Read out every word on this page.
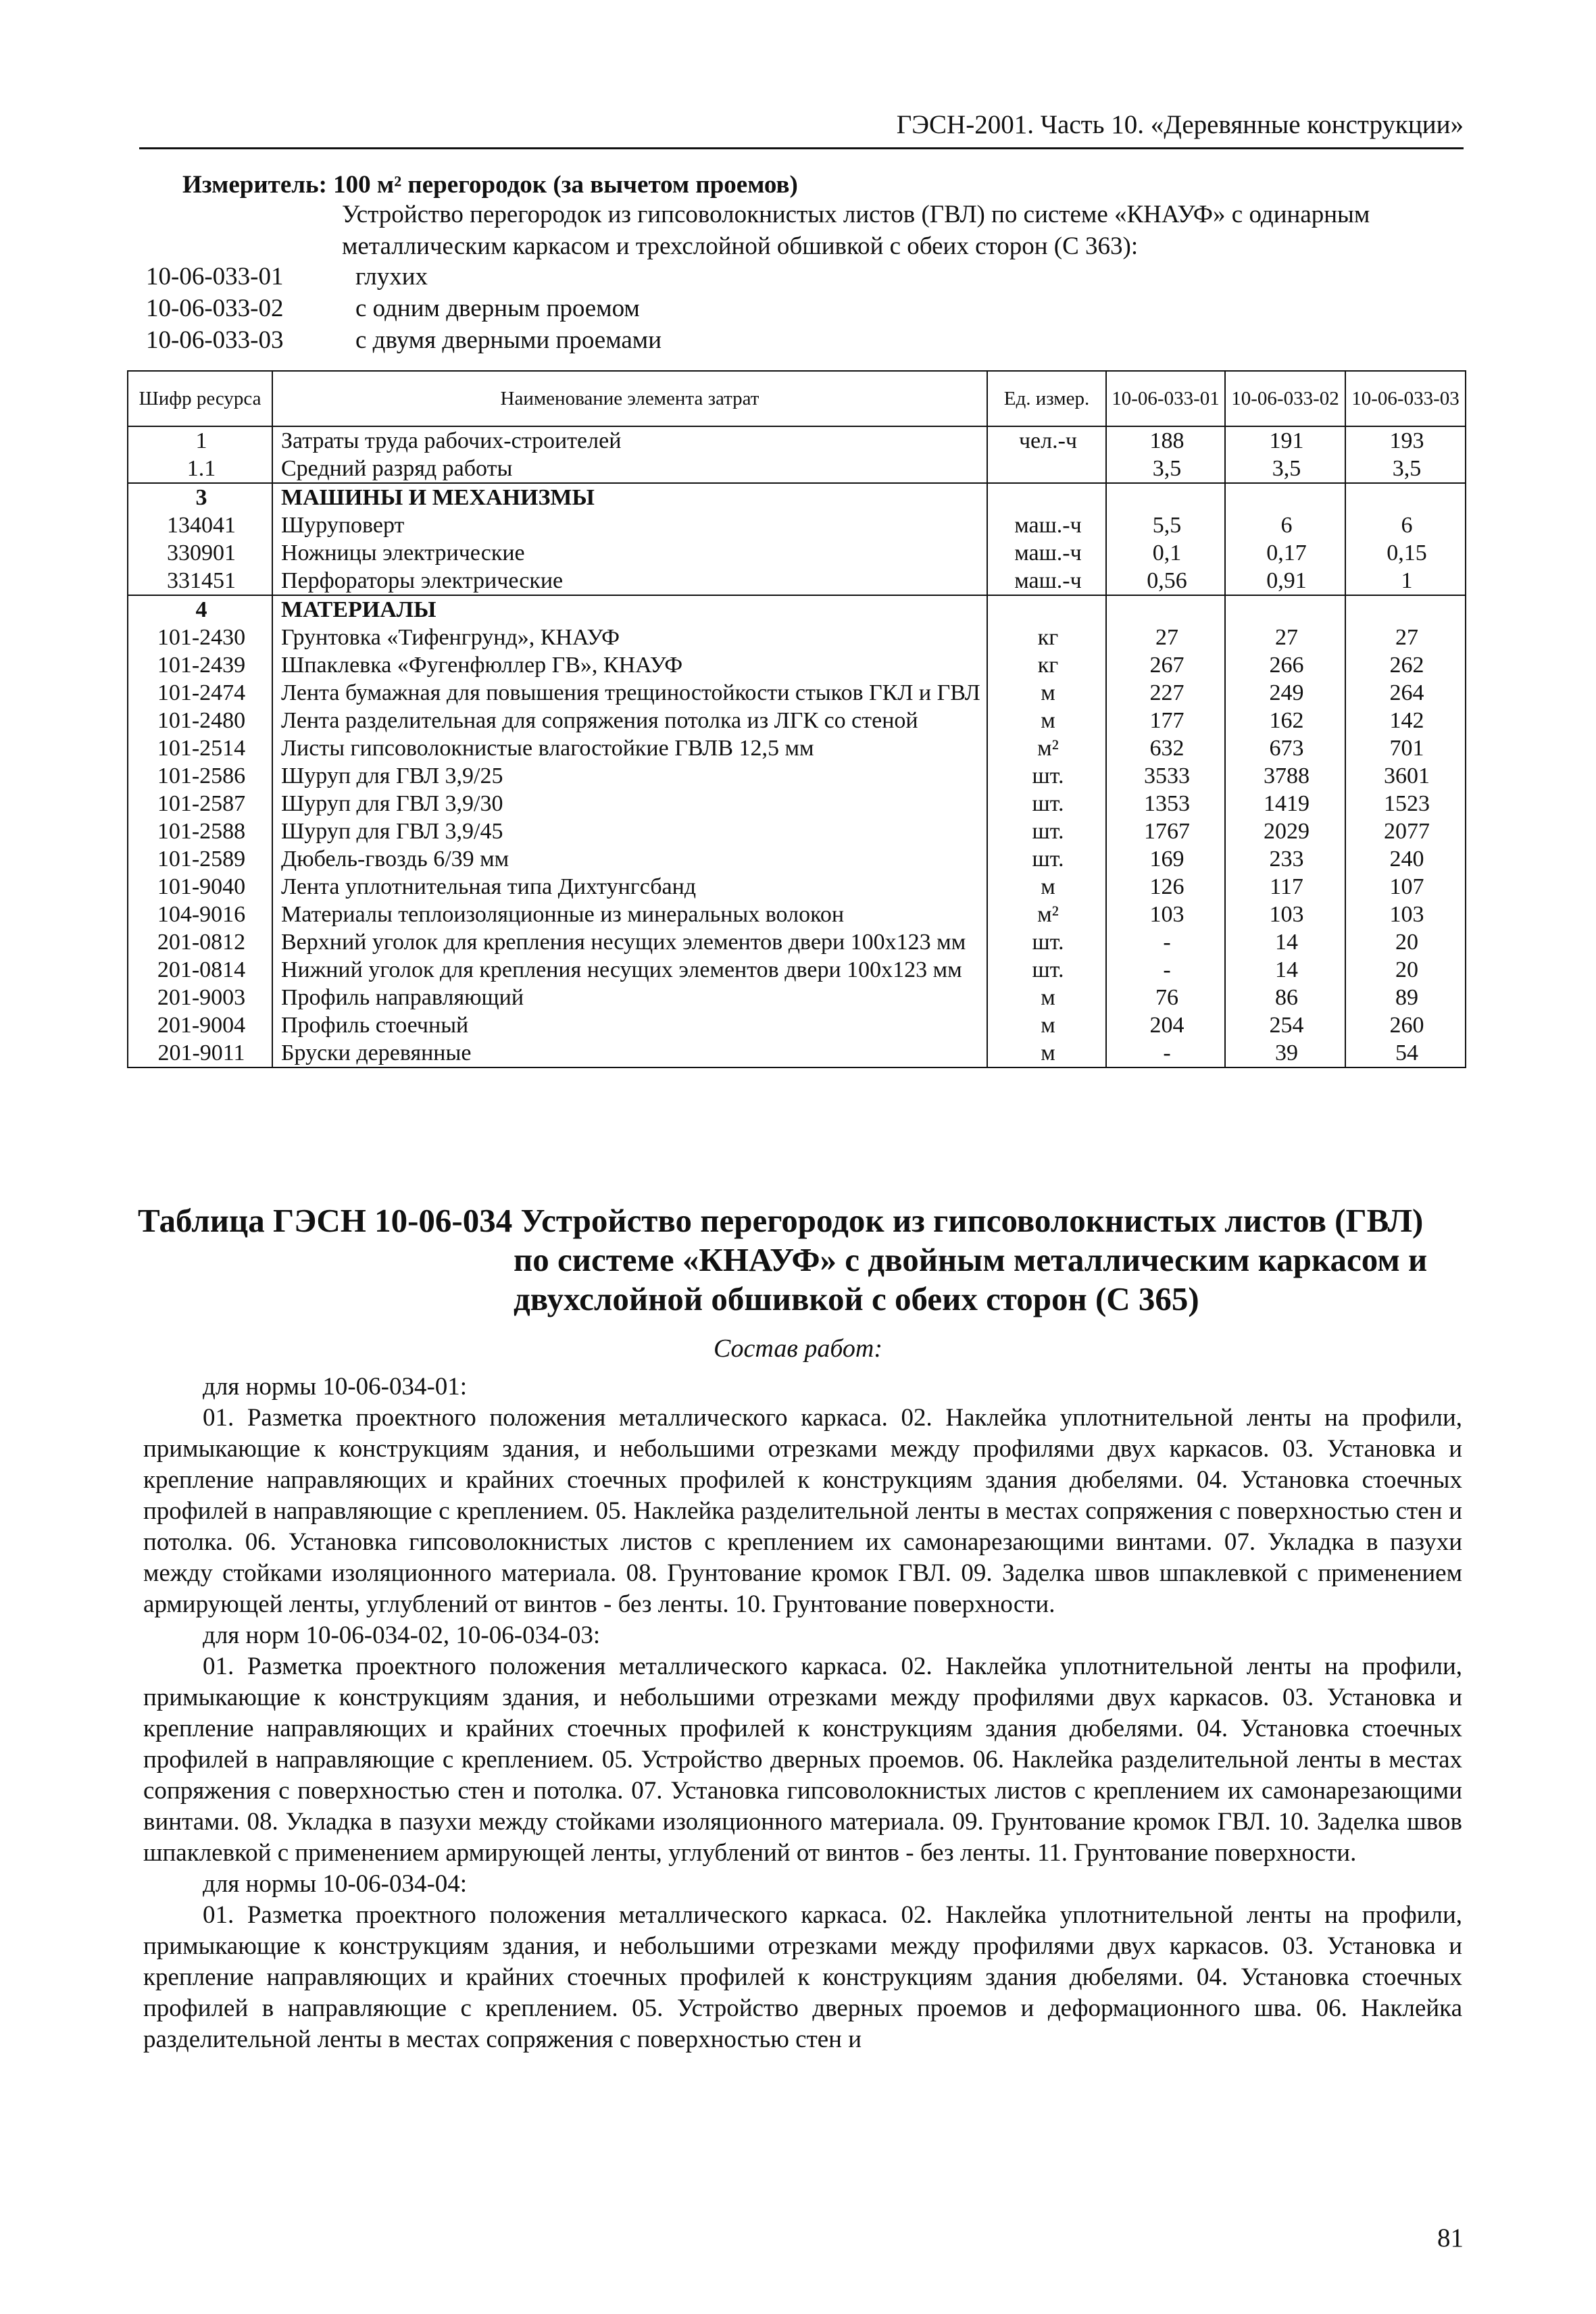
ГЭСН-2001. Часть 10. «Деревянные конструкции»
Измеритель: 100 м² перегородок (за вычетом проемов)
Устройство перегородок из гипсоволокнистых листов (ГВЛ) по системе «КНАУФ» с одинарным металлическим каркасом и трехслойной обшивкой с обеих сторон (С 363):
10-06-033-01	глухих
10-06-033-02	с одним дверным проемом
10-06-033-03	с двумя дверными проемами
Шифр ресурса	Наименование элемента затрат	Ед. измер.	10-06-033-01	10-06-033-02	10-06-033-03
1	Затраты труда рабочих-строителей	чел.-ч	188	191	193
1.1	Средний разряд работы		3,5	3,5	3,5
3	МАШИНЫ И МЕХАНИЗМЫ				
134041	Шуруповерт	маш.-ч	5,5	6	6
330901	Ножницы электрические	маш.-ч	0,1	0,17	0,15
331451	Перфораторы электрические	маш.-ч	0,56	0,91	1
4	МАТЕРИАЛЫ				
101-2430	Грунтовка «Тифенгрунд», КНАУФ	кг	27	27	27
101-2439	Шпаклевка «Фугенфюллер ГВ», КНАУФ	кг	267	266	262
101-2474	Лента бумажная для повышения трещиностойкости стыков ГКЛ и ГВЛ	м	227	249	264
101-2480	Лента разделительная для сопряжения потолка из ЛГК со стеной	м	177	162	142
101-2514	Листы гипсоволокнистые влагостойкие ГВЛВ 12,5 мм	м²	632	673	701
101-2586	Шуруп для ГВЛ 3,9/25	шт.	3533	3788	3601
101-2587	Шуруп для ГВЛ 3,9/30	шт.	1353	1419	1523
101-2588	Шуруп для ГВЛ 3,9/45	шт.	1767	2029	2077
101-2589	Дюбель-гвоздь 6/39 мм	шт.	169	233	240
101-9040	Лента уплотнительная типа Дихтунгсбанд	м	126	117	107
104-9016	Материалы теплоизоляционные из минеральных волокон	м²	103	103	103
201-0812	Верхний уголок для крепления несущих элементов двери 100x123 мм	шт.	-	14	20
201-0814	Нижний уголок для крепления несущих элементов двери 100x123 мм	шт.	-	14	20
201-9003	Профиль направляющий	м	76	86	89
201-9004	Профиль стоечный	м	204	254	260
201-9011	Бруски деревянные	м	-	39	54
Таблица ГЭСН 10-06-034 Устройство перегородок из гипсоволокнистых листов (ГВЛ)
по системе «КНАУФ» с двойным металлическим каркасом и
двухслойной обшивкой с обеих сторон (С 365)
Состав работ:

для нормы 10-06-034-01:

01. Разметка проектного положения металлического каркаса. 02. Наклейка уплотнительной ленты на профили, примыкающие к конструкциям здания, и небольшими отрезками между профилями двух каркасов. 03. Установка и крепление направляющих и крайних стоечных профилей к конструкциям здания дюбелями. 04. Установка стоечных профилей в направляющие с креплением. 05. Наклейка разделительной ленты в местах сопряжения с поверхностью стен и потолка. 06. Установка гипсоволокнистых листов с креплением их самонарезающими винтами. 07. Укладка в пазухи между стойками изоляционного материала. 08. Грунтование кромок ГВЛ. 09. Заделка швов шпаклевкой с применением армирующей ленты, углублений от винтов - без ленты. 10. Грунтование поверхности.

для норм 10-06-034-02, 10-06-034-03:

01. Разметка проектного положения металлического каркаса. 02. Наклейка уплотнительной ленты на профили, примыкающие к конструкциям здания, и небольшими отрезками между профилями двух каркасов. 03. Установка и крепление направляющих и крайних стоечных профилей к конструкциям здания дюбелями. 04. Установка стоечных профилей в направляющие с креплением. 05. Устройство дверных проемов. 06. Наклейка разделительной ленты в местах сопряжения с поверхностью стен и потолка. 07. Установка гипсоволокнистых листов с креплением их самонарезающими винтами. 08. Укладка в пазухи между стойками изоляционного материала. 09. Грунтование кромок ГВЛ. 10. Заделка швов шпаклевкой с применением армирующей ленты, углублений от винтов - без ленты. 11. Грунтование поверхности.

для нормы 10-06-034-04:

01. Разметка проектного положения металлического каркаса. 02. Наклейка уплотнительной ленты на профили, примыкающие к конструкциям здания, и небольшими отрезками между профилями двух каркасов. 03. Установка и крепление направляющих и крайних стоечных профилей к конструкциям здания дюбелями. 04. Установка стоечных профилей в направляющие с креплением. 05. Устройство дверных проемов и деформационного шва. 06. Наклейка разделительной ленты в местах сопряжения с поверхностью стен и

81
